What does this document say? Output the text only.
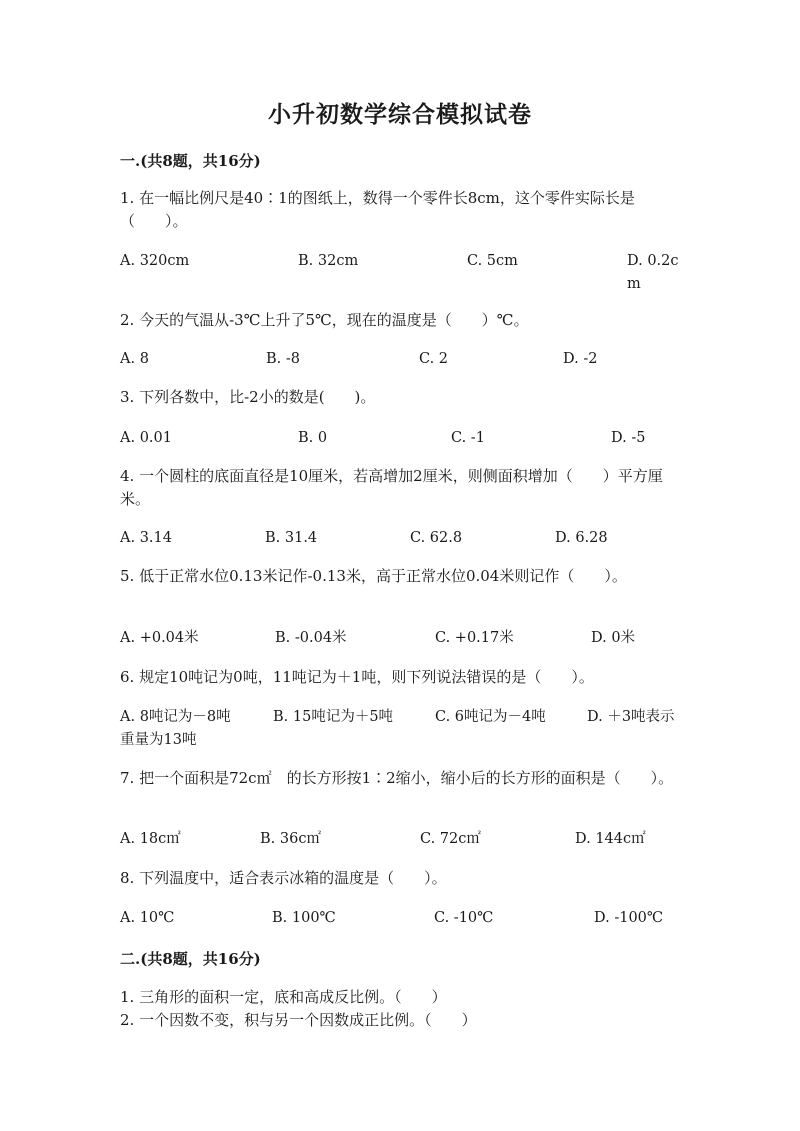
小升初数学综合模拟试卷
一.(共8题，共16分)
1. 在一幅比例尺是40∶1的图纸上，数得一个零件长8cm，这个零件实际长是（　　）。
A. 320cm	B. 32cm	C. 5cm	D. 0.2cm
2. 今天的气温从-3℃上升了5℃，现在的温度是（　　）℃。
A. 8	B. -8	C. 2	D. -2
3. 下列各数中，比-2小的数是(　　)。
A. 0.01	B. 0	C. -1	D. -5
4. 一个圆柱的底面直径是10厘米，若高增加2厘米，则侧面积增加（　　）平方厘米。
A. 3.14	B. 31.4	C. 62.8	D. 6.28
5. 低于正常水位0.13米记作-0.13米，高于正常水位0.04米则记作（　　）。
A. +0.04米	B. -0.04米	C. +0.17米	D. 0米
6. 规定10吨记为0吨，11吨记为＋1吨，则下列说法错误的是（　　）。
A. 8吨记为－8吨	B. 15吨记为＋5吨	C. 6吨记为－4吨	D. ＋3吨表示重量为13吨
7. 把一个面积是72c㎡　的长方形按1∶2缩小，缩小后的长方形的面积是（　　）。
A. 18c㎡	B. 36c㎡	C. 72c㎡	D. 144c㎡
8. 下列温度中，适合表示冰箱的温度是（　　）。
A. 10℃	B. 100℃	C. -10℃	D. -100℃
二.(共8题，共16分)
1. 三角形的面积一定，底和高成反比例。（　　）
2. 一个因数不变，积与另一个因数成正比例。（　　）
